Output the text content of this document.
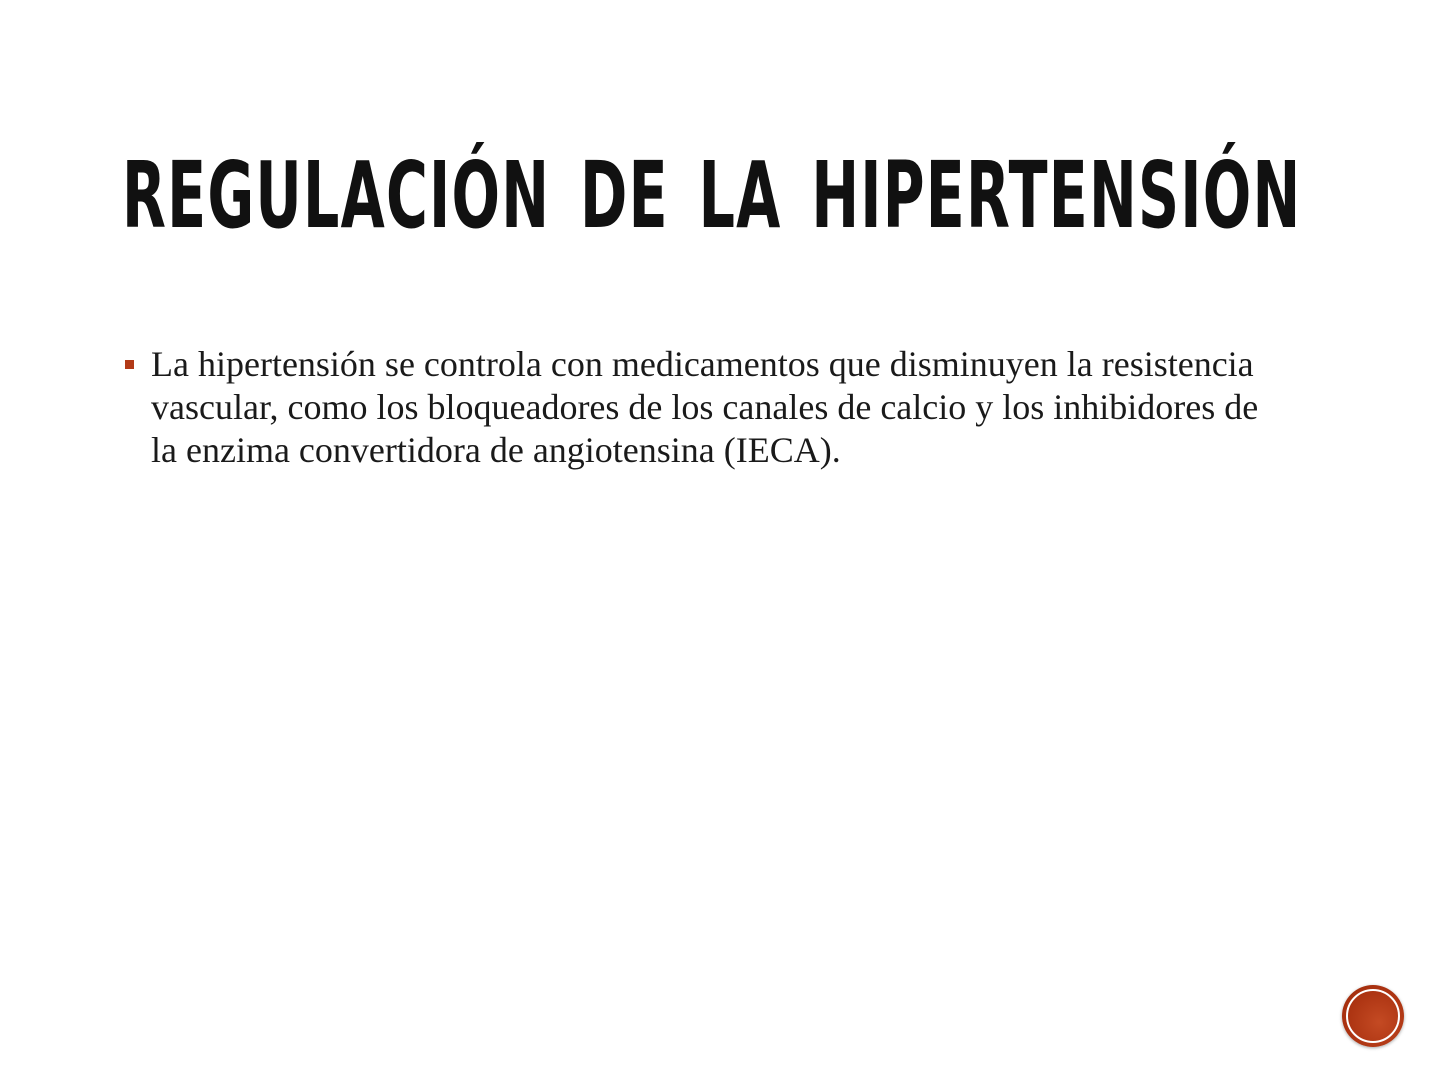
REGULACIÓN DE LA HIPERTENSIÓN
La hipertensión se controla con medicamentos que disminuyen la resistencia vascular, como los bloqueadores de los canales de calcio y los inhibidores de la enzima convertidora de angiotensina (IECA).
